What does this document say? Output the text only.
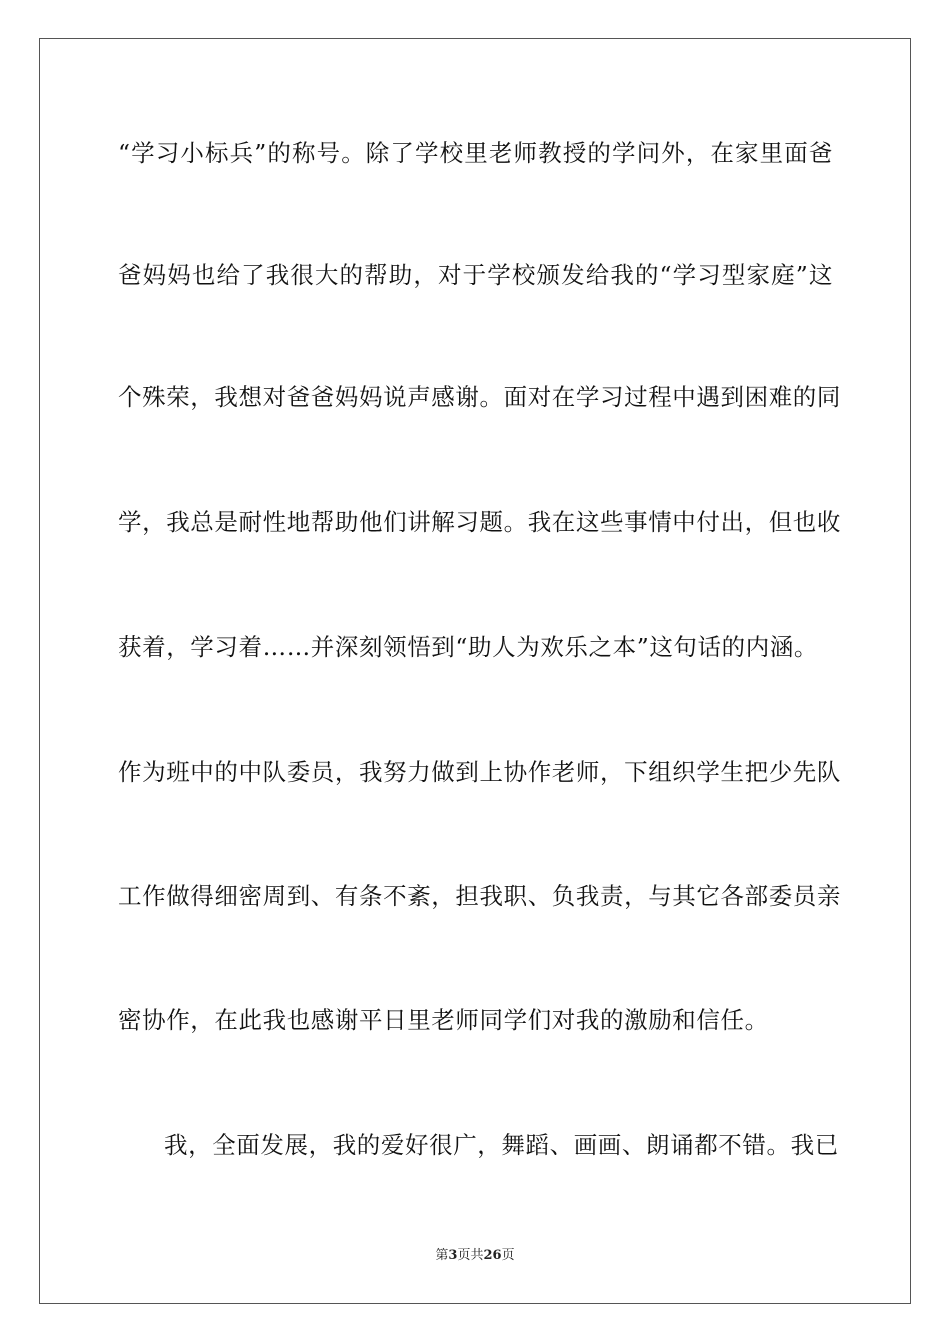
“学习小标兵”的称号。除了学校里老师教授的学问外，在家里面爸
爸妈妈也给了我很大的帮助，对于学校颁发给我的“学习型家庭”这
个殊荣，我想对爸爸妈妈说声感谢。面对在学习过程中遇到困难的同
学，我总是耐性地帮助他们讲解习题。我在这些事情中付出，但也收
获着，学习着……并深刻领悟到“助人为欢乐之本”这句话的内涵。
作为班中的中队委员，我努力做到上协作老师，下组织学生把少先队
工作做得细密周到、有条不紊，担我职、负我责，与其它各部委员亲
密协作，在此我也感谢平日里老师同学们对我的激励和信任。
我，全面发展，我的爱好很广，舞蹈、画画、朗诵都不错。我已
第3页共26页
